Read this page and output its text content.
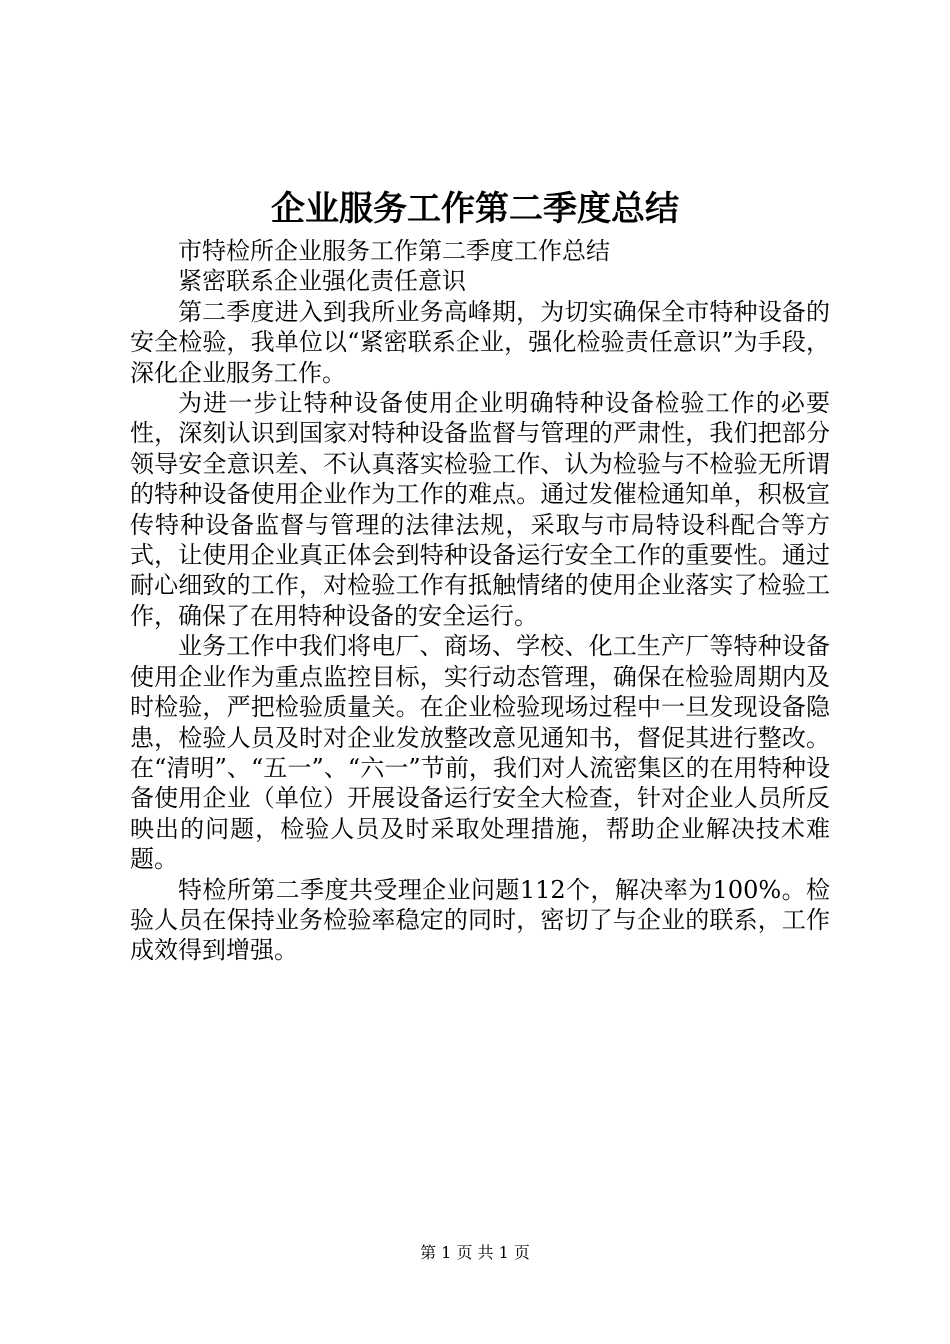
企业服务工作第二季度总结

市特检所企业服务工作第二季度工作总结

紧密联系企业强化责任意识

第二季度进入到我所业务高峰期，为切实确保全市特种设备的安全检验，我单位以“紧密联系企业，强化检验责任意识”为手段，深化企业服务工作。

为进一步让特种设备使用企业明确特种设备检验工作的必要性，深刻认识到国家对特种设备监督与管理的严肃性，我们把部分领导安全意识差、不认真落实检验工作、认为检验与不检验无所谓的特种设备使用企业作为工作的难点。通过发催检通知单，积极宣传特种设备监督与管理的法律法规，采取与市局特设科配合等方式，让使用企业真正体会到特种设备运行安全工作的重要性。通过耐心细致的工作，对检验工作有抵触情绪的使用企业落实了检验工作，确保了在用特种设备的安全运行。

业务工作中我们将电厂、商场、学校、化工生产厂等特种设备使用企业作为重点监控目标，实行动态管理，确保在检验周期内及时检验，严把检验质量关。在企业检验现场过程中一旦发现设备隐患，检验人员及时对企业发放整改意见通知书，督促其进行整改。在“清明”、“五一”、“六一”节前，我们对人流密集区的在用特种设备使用企业（单位）开展设备运行安全大检查，针对企业人员所反映出的问题，检验人员及时采取处理措施，帮助企业解决技术难题。

特检所第二季度共受理企业问题112个，解决率为100%。检验人员在保持业务检验率稳定的同时，密切了与企业的联系，工作成效得到增强。

第 1 页 共 1 页
